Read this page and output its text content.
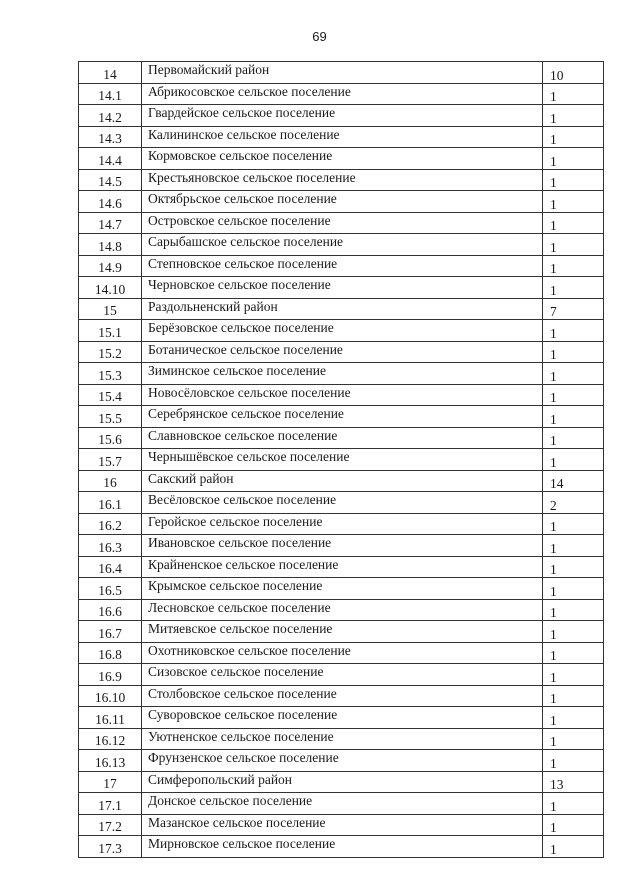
69
14	Первомайский район	10
14.1	Абрикосовское сельское поселение	1
14.2	Гвардейское сельское поселение	1
14.3	Калининское сельское поселение	1
14.4	Кормовское сельское поселение	1
14.5	Крестьяновское сельское поселение	1
14.6	Октябрьское сельское поселение	1
14.7	Островское сельское поселение	1
14.8	Сарыбашское сельское поселение	1
14.9	Степновское сельское поселение	1
14.10	Черновское сельское поселение	1
15	Раздольненский район	7
15.1	Берёзовское сельское поселение	1
15.2	Ботаническое сельское поселение	1
15.3	Зиминское сельское поселение	1
15.4	Новосёловское сельское поселение	1
15.5	Серебрянское сельское поселение	1
15.6	Славновское сельское поселение	1
15.7	Чернышёвское сельское поселение	1
16	Сакский район	14
16.1	Весёловское сельское поселение	2
16.2	Геройское сельское поселение	1
16.3	Ивановское сельское поселение	1
16.4	Крайненское сельское поселение	1
16.5	Крымское сельское поселение	1
16.6	Лесновское сельское поселение	1
16.7	Митяевское сельское поселение	1
16.8	Охотниковское сельское поселение	1
16.9	Сизовское сельское поселение	1
16.10	Столбовское сельское поселение	1
16.11	Суворовское сельское поселение	1
16.12	Уютненское сельское поселение	1
16.13	Фрунзенское сельское поселение	1
17	Симферопольский район	13
17.1	Донское сельское поселение	1
17.2	Мазанское сельское поселение	1
17.3	Мирновское сельское поселение	1
